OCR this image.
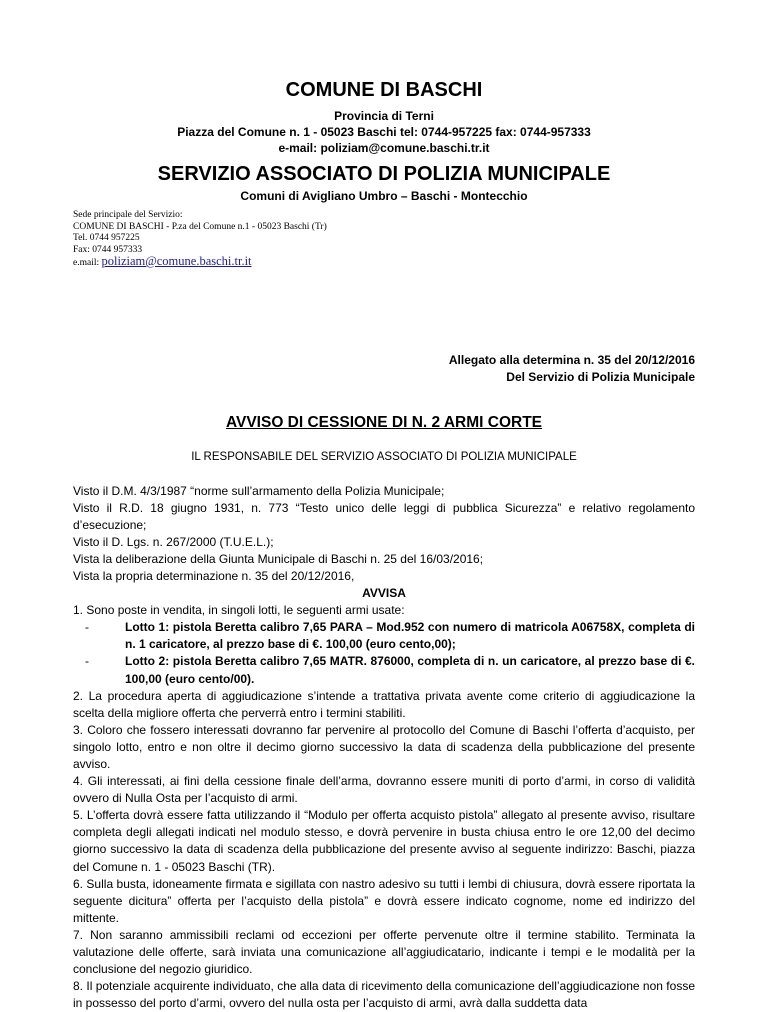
COMUNE DI BASCHI
Provincia di Terni
Piazza del Comune n. 1 - 05023 Baschi tel: 0744-957225 fax: 0744-957333
e-mail: poliziam@comune.baschi.tr.it
SERVIZIO ASSOCIATO DI POLIZIA MUNICIPALE
Comuni di Avigliano Umbro – Baschi - Montecchio
Sede principale del Servizio:
COMUNE DI BASCHI - P.za del Comune n.1 - 05023 Baschi (Tr)
Tel. 0744 957225
Fax: 0744 957333
e.mail: poliziam@comune.baschi.tr.it
Allegato alla determina n. 35 del 20/12/2016
Del Servizio di Polizia Municipale
AVVISO DI CESSIONE DI N. 2 ARMI CORTE
IL RESPONSABILE DEL SERVIZIO ASSOCIATO DI POLIZIA MUNICIPALE

Visto il D.M. 4/3/1987 “norme sull’armamento della Polizia Municipale;

Visto il R.D. 18 giugno 1931, n. 773 “Testo unico delle leggi di pubblica Sicurezza” e relativo regolamento d’esecuzione;

Visto il D. Lgs. n. 267/2000 (T.U.E.L.);

Vista la deliberazione della Giunta Municipale di Baschi n. 25 del 16/03/2016;

Vista la propria determinazione n. 35 del 20/12/2016,

AVVISA

1. Sono poste in vendita, in singoli lotti, le seguenti armi usate:

-	Lotto 1: pistola Beretta calibro 7,65 PARA – Mod.952 con numero di matricola A06758X, completa di n. 1 caricatore, al prezzo base di €. 100,00 (euro cento,00);

-	Lotto 2: pistola Beretta calibro 7,65 MATR. 876000, completa di n. un caricatore, al prezzo base di €. 100,00 (euro cento/00).

2. La procedura aperta di aggiudicazione s’intende a trattativa privata avente come criterio di aggiudicazione la scelta della migliore offerta che perverrà entro i termini stabiliti.

3. Coloro che fossero interessati dovranno far pervenire al protocollo del Comune di Baschi l’offerta d’acquisto, per singolo lotto, entro e non oltre il decimo giorno successivo la data di scadenza della pubblicazione del presente avviso.

4. Gli interessati, ai fini della cessione finale dell’arma, dovranno essere muniti di porto d’armi, in corso di validità ovvero di Nulla Osta per l’acquisto di armi.

5. L’offerta dovrà essere fatta utilizzando il “Modulo per offerta acquisto pistola” allegato al presente avviso, risultare completa degli allegati indicati nel modulo stesso, e dovrà pervenire in busta chiusa entro le ore 12,00 del decimo giorno successivo la data di scadenza della pubblicazione del presente avviso al seguente indirizzo: Baschi, piazza del Comune n. 1 - 05023 Baschi (TR).

6. Sulla busta, idoneamente firmata e sigillata con nastro adesivo su tutti i lembi di chiusura, dovrà essere riportata la seguente dicitura” offerta per l’acquisto della pistola” e dovrà essere indicato cognome, nome ed indirizzo del mittente.

7. Non saranno ammissibili reclami od eccezioni per offerte pervenute oltre il termine stabilito. Terminata la valutazione delle offerte, sarà inviata una comunicazione all’aggiudicatario, indicante i tempi e le modalità per la conclusione del negozio giuridico.

8. Il potenziale acquirente individuato, che alla data di ricevimento della comunicazione dell’aggiudicazione non fosse in possesso del porto d’armi, ovvero del nulla osta per l’acquisto di armi, avrà dalla suddetta data
